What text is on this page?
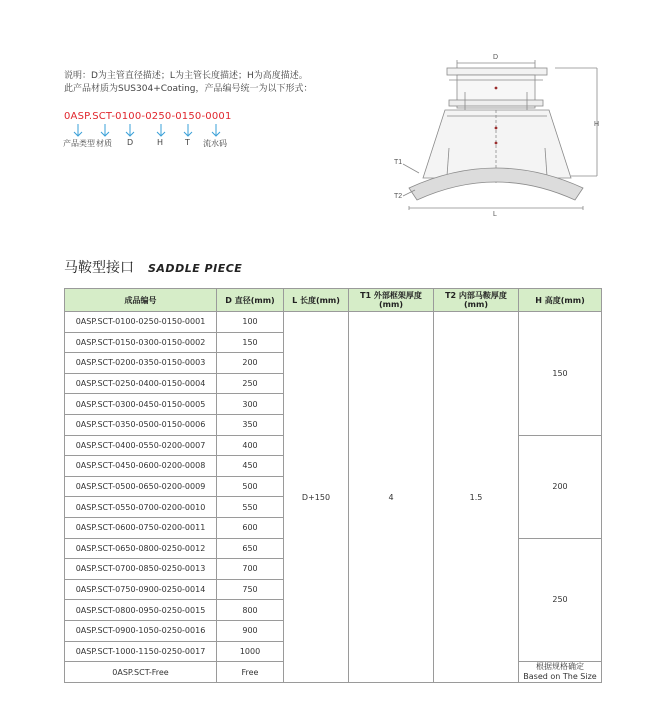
说明：D为主管直径描述；L为主管长度描述；H为高度描述。
此产品材质为SUS304+Coating，产品编号统一为以下形式：
0ASP.SCT-0100-0250-0150-0001
产品类型 材质 D	H	T 流水码
D
H
T1
T2
L
马鞍型接口 SADDLE PIECE
成品编号	D 直径(mm)	L 长度(mm)	T1 外部框架厚度(mm)	T2 内部马鞍厚度(mm)	H 高度(mm)
0ASP.SCT-0100-0250-0150-0001	100	D+150	4	1.5	150
0ASP.SCT-0150-0300-0150-0002	150				
0ASP.SCT-0200-0350-0150-0003	200				
0ASP.SCT-0250-0400-0150-0004	250				
0ASP.SCT-0300-0450-0150-0005	300				
0ASP.SCT-0350-0500-0150-0006	350				
0ASP.SCT-0400-0550-0200-0007	400				200
0ASP.SCT-0450-0600-0200-0008	450				
0ASP.SCT-0500-0650-0200-0009	500				
0ASP.SCT-0550-0700-0200-0010	550				
0ASP.SCT-0600-0750-0200-0011	600				
0ASP.SCT-0650-0800-0250-0012	650				250
0ASP.SCT-0700-0850-0250-0013	700				
0ASP.SCT-0750-0900-0250-0014	750				
0ASP.SCT-0800-0950-0250-0015	800				
0ASP.SCT-0900-1050-0250-0016	900				
0ASP.SCT-1000-1150-0250-0017	1000				
0ASP.SCT-Free	Free				根据规格确定
Based on The Size
